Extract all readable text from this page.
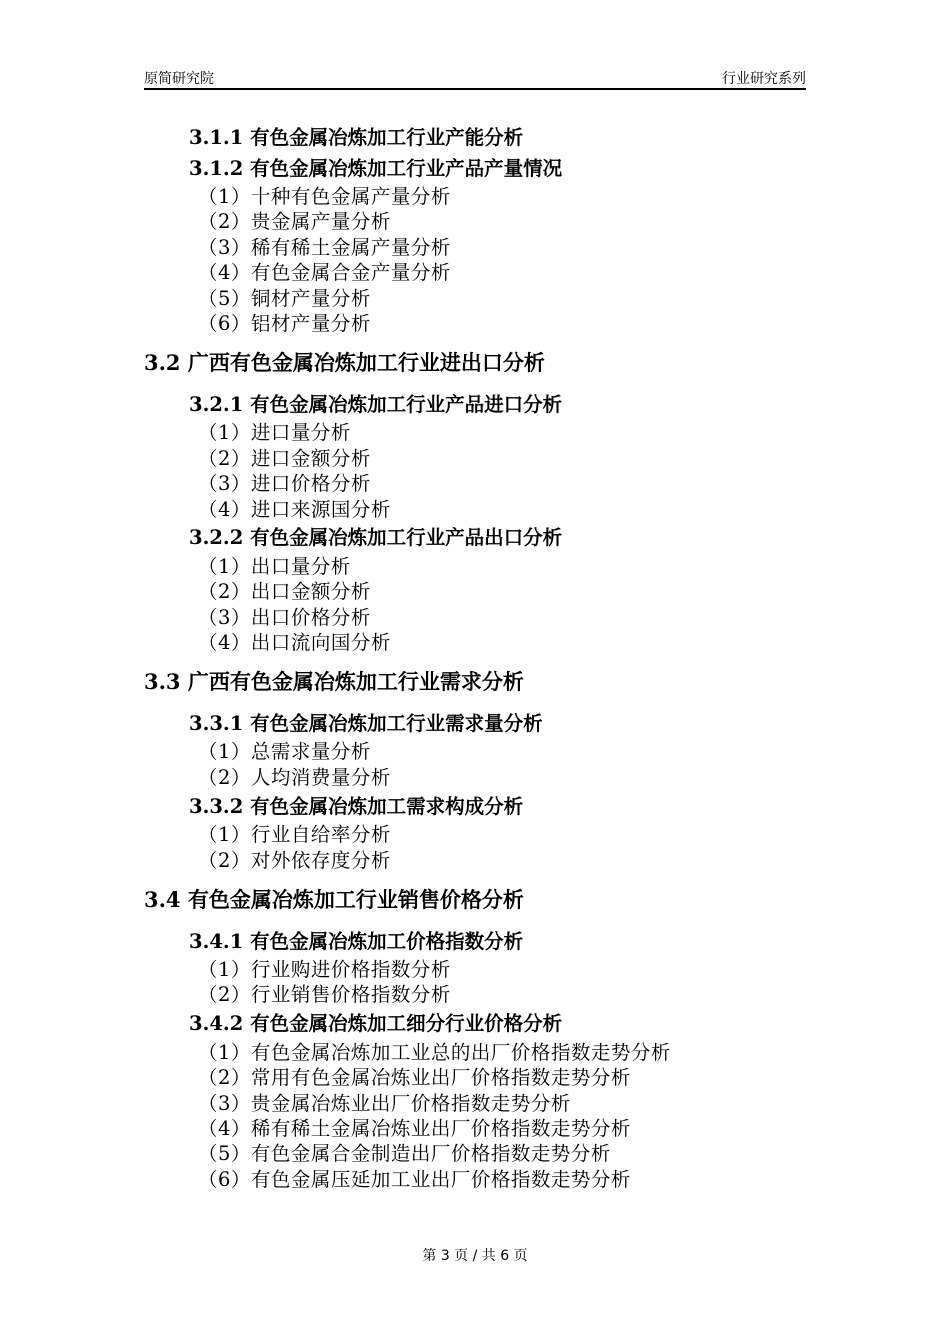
原简研究院	行业研究系列
3.1.1 有色金属冶炼加工行业产能分析
3.1.2 有色金属冶炼加工行业产品产量情况
（1）十种有色金属产量分析
（2）贵金属产量分析
（3）稀有稀土金属产量分析
（4）有色金属合金产量分析
（5）铜材产量分析
（6）铝材产量分析
3.2 广西有色金属冶炼加工行业进出口分析
3.2.1 有色金属冶炼加工行业产品进口分析
（1）进口量分析
（2）进口金额分析
（3）进口价格分析
（4）进口来源国分析
3.2.2 有色金属冶炼加工行业产品出口分析
（1）出口量分析
（2）出口金额分析
（3）出口价格分析
（4）出口流向国分析
3.3 广西有色金属冶炼加工行业需求分析
3.3.1 有色金属冶炼加工行业需求量分析
（1）总需求量分析
（2）人均消费量分析
3.3.2 有色金属冶炼加工需求构成分析
（1）行业自给率分析
（2）对外依存度分析
3.4 有色金属冶炼加工行业销售价格分析
3.4.1 有色金属冶炼加工价格指数分析
（1）行业购进价格指数分析
（2）行业销售价格指数分析
3.4.2 有色金属冶炼加工细分行业价格分析
（1）有色金属冶炼加工业总的出厂价格指数走势分析
（2）常用有色金属冶炼业出厂价格指数走势分析
（3）贵金属冶炼业出厂价格指数走势分析
（4）稀有稀土金属冶炼业出厂价格指数走势分析
（5）有色金属合金制造出厂价格指数走势分析
（6）有色金属压延加工业出厂价格指数走势分析
第 3 页 / 共 6 页
